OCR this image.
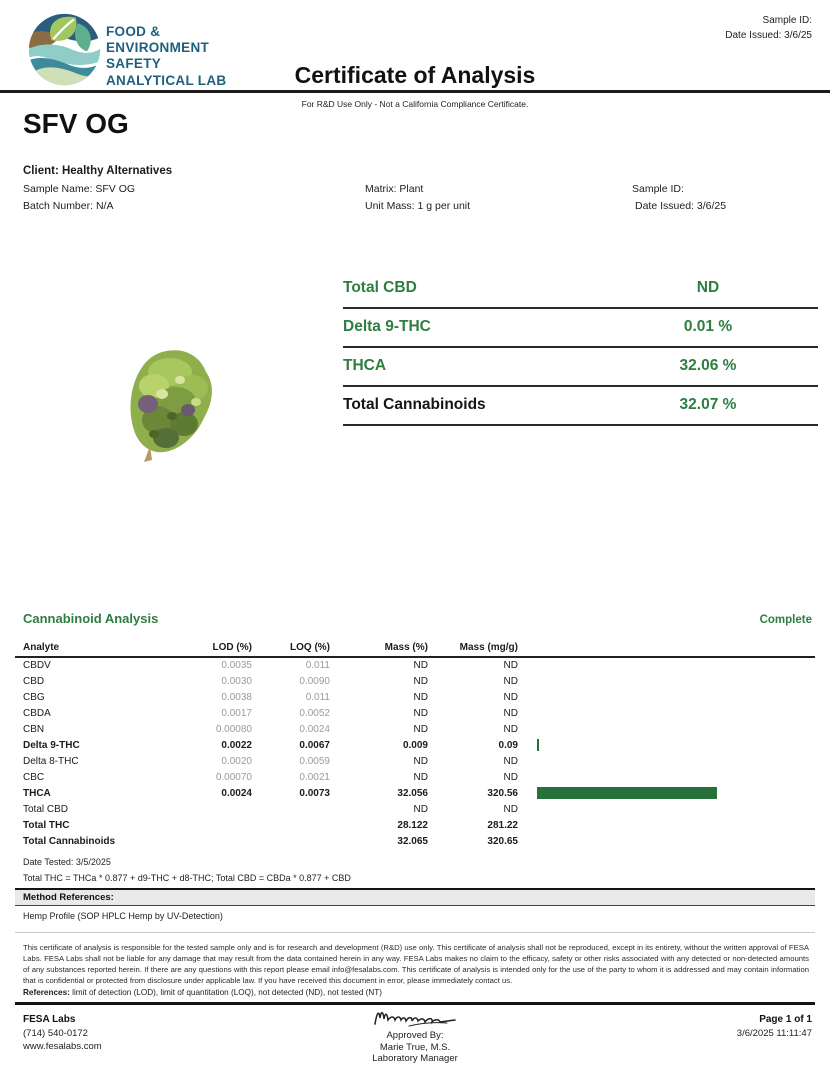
FOOD &
ENVIRONMENT
SAFETY
ANALYTICAL LAB
Sample ID:
Date Issued: 3/6/25
Certificate of Analysis
For R&D Use Only - Not a California Compliance Certificate.
SFV OG
Client: Healthy Alternatives
Sample Name: SFV OG
Batch Number: N/A
Matrix: Plant
Unit Mass: 1 g per unit
Sample ID:
Date Issued: 3/6/25
Total CBD	ND
Delta 9-THC	0.01 %
THCA	32.06 %
Total Cannabinoids	32.07 %
Cannabinoid Analysis	Complete
Analyte	LOD (%)	LOQ (%)	Mass (%)	Mass (mg/g)	
CBDV	0.0035	0.011	ND	ND	
CBD	0.0030	0.0090	ND	ND	
CBG	0.0038	0.011	ND	ND	
CBDA	0.0017	0.0052	ND	ND	
CBN	0.00080	0.0024	ND	ND	
Delta 9-THC	0.0022	0.0067	0.009	0.09	

Delta 8-THC	0.0020	0.0059	ND	ND	
CBC	0.00070	0.0021	ND	ND	
THCA	0.0024	0.0073	32.056	320.56	

Total CBD			ND	ND	
Total THC			28.122	281.22	
Total Cannabinoids			32.065	320.65	
Date Tested: 3/5/2025
Total THC = THCa * 0.877 + d9-THC + d8-THC; Total CBD = CBDa * 0.877 + CBD
Method References:
Hemp Profile (SOP HPLC Hemp by UV-Detection)
This certificate of analysis is responsible for the tested sample only and is for research and development (R&D) use only. This certificate of analysis shall not be reproduced, except in its entirety, without the written approval of FESA Labs. FESA Labs shall not be liable for any damage that may result from the data contained herein in any way. FESA Labs makes no claim to the efficacy, safety or other risks associated with any detected or non-detected amounts of any substances reported herein. If there are any questions with this report please email info@fesalabs.com. This certificate of analysis is intended only for the use of the party to whom it is addressed and may contain information that is confidential or protected from disclosure under applicable law. If you have received this document in error, please immediately contact us.
References: limit of detection (LOD), limit of quantitation (LOQ), not detected (ND), not tested (NT)
FESA Labs
(714) 540-0172
www.fesalabs.com
Approved By:
Marie True, M.S.
Laboratory Manager
Page 1 of 1
3/6/2025 11:11:47
